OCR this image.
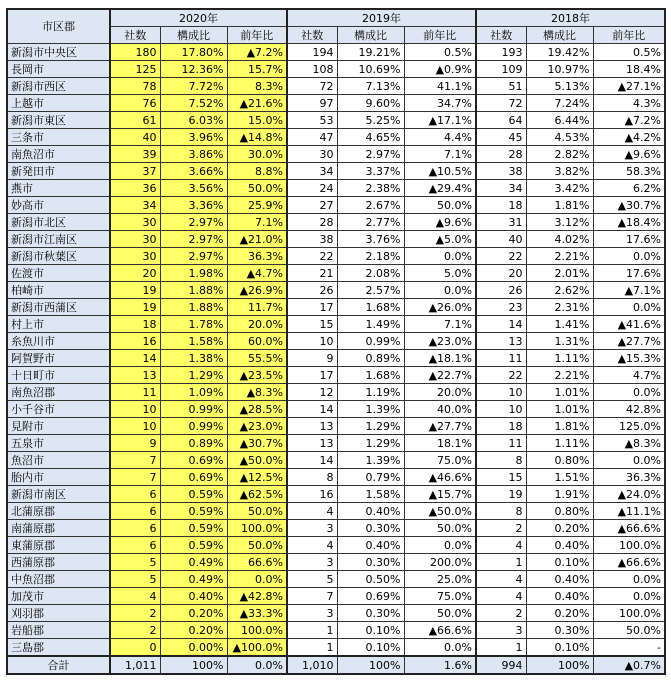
市区郡	2020年			2019年			2018年		
	社数	構成比	前年比	社数	構成比	前年比	社数	構成比	前年比
新潟市中央区	180	17.80%	▲7.2%	194	19.21%	0.5%	193	19.42%	0.5%
長岡市	125	12.36%	15.7%	108	10.69%	▲0.9%	109	10.97%	18.4%
新潟市西区	78	7.72%	8.3%	72	7.13%	41.1%	51	5.13%	▲27.1%
上越市	76	7.52%	▲21.6%	97	9.60%	34.7%	72	7.24%	4.3%
新潟市東区	61	6.03%	15.0%	53	5.25%	▲17.1%	64	6.44%	▲7.2%
三条市	40	3.96%	▲14.8%	47	4.65%	4.4%	45	4.53%	▲4.2%
南魚沼市	39	3.86%	30.0%	30	2.97%	7.1%	28	2.82%	▲9.6%
新発田市	37	3.66%	8.8%	34	3.37%	▲10.5%	38	3.82%	58.3%
燕市	36	3.56%	50.0%	24	2.38%	▲29.4%	34	3.42%	6.2%
妙高市	34	3.36%	25.9%	27	2.67%	50.0%	18	1.81%	▲30.7%
新潟市北区	30	2.97%	7.1%	28	2.77%	▲9.6%	31	3.12%	▲18.4%
新潟市江南区	30	2.97%	▲21.0%	38	3.76%	▲5.0%	40	4.02%	17.6%
新潟市秋葉区	30	2.97%	36.3%	22	2.18%	0.0%	22	2.21%	0.0%
佐渡市	20	1.98%	▲4.7%	21	2.08%	5.0%	20	2.01%	17.6%
柏崎市	19	1.88%	▲26.9%	26	2.57%	0.0%	26	2.62%	▲7.1%
新潟市西蒲区	19	1.88%	11.7%	17	1.68%	▲26.0%	23	2.31%	0.0%
村上市	18	1.78%	20.0%	15	1.49%	7.1%	14	1.41%	▲41.6%
糸魚川市	16	1.58%	60.0%	10	0.99%	▲23.0%	13	1.31%	▲27.7%
阿賀野市	14	1.38%	55.5%	9	0.89%	▲18.1%	11	1.11%	▲15.3%
十日町市	13	1.29%	▲23.5%	17	1.68%	▲22.7%	22	2.21%	4.7%
南魚沼郡	11	1.09%	▲8.3%	12	1.19%	20.0%	10	1.01%	0.0%
小千谷市	10	0.99%	▲28.5%	14	1.39%	40.0%	10	1.01%	42.8%
見附市	10	0.99%	▲23.0%	13	1.29%	▲27.7%	18	1.81%	125.0%
五泉市	9	0.89%	▲30.7%	13	1.29%	18.1%	11	1.11%	▲8.3%
魚沼市	7	0.69%	▲50.0%	14	1.39%	75.0%	8	0.80%	0.0%
胎内市	7	0.69%	▲12.5%	8	0.79%	▲46.6%	15	1.51%	36.3%
新潟市南区	6	0.59%	▲62.5%	16	1.58%	▲15.7%	19	1.91%	▲24.0%
北蒲原郡	6	0.59%	50.0%	4	0.40%	▲50.0%	8	0.80%	▲11.1%
南蒲原郡	6	0.59%	100.0%	3	0.30%	50.0%	2	0.20%	▲66.6%
東蒲原郡	6	0.59%	50.0%	4	0.40%	0.0%	4	0.40%	100.0%
西蒲原郡	5	0.49%	66.6%	3	0.30%	200.0%	1	0.10%	▲66.6%
中魚沼郡	5	0.49%	0.0%	5	0.50%	25.0%	4	0.40%	0.0%
加茂市	4	0.40%	▲42.8%	7	0.69%	75.0%	4	0.40%	0.0%
刈羽郡	2	0.20%	▲33.3%	3	0.30%	50.0%	2	0.20%	100.0%
岩船郡	2	0.20%	100.0%	1	0.10%	▲66.6%	3	0.30%	50.0%
三島郡	0	0.00%	▲100.0%	1	0.10%	0.0%	1	0.10%	-
合計	1,011	100%	0.0%	1,010	100%	1.6%	994	100%	▲0.7%
